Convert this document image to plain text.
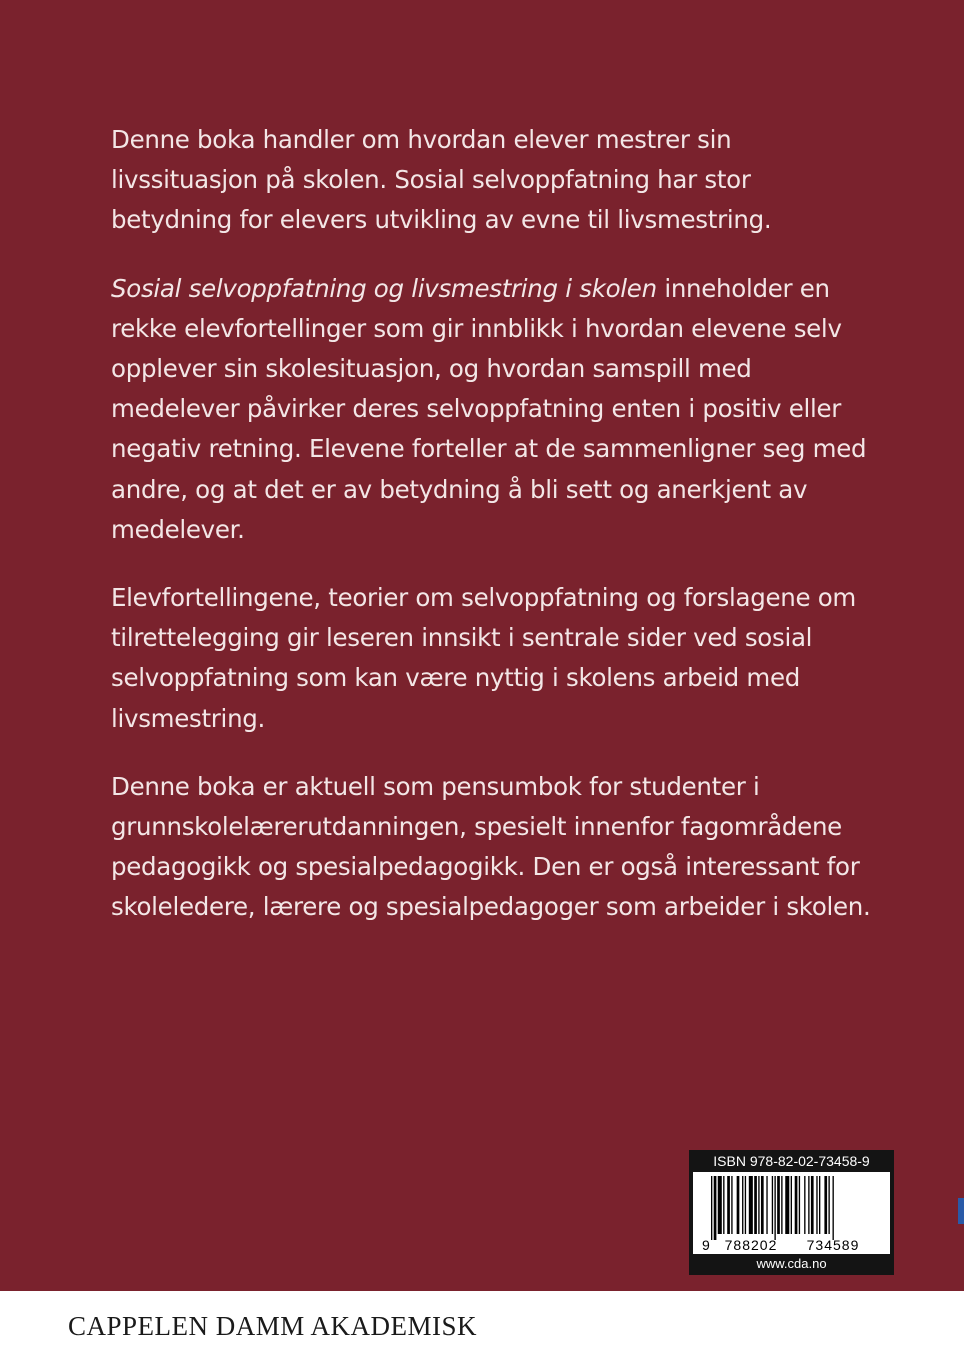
Denne boka handler om hvordan elever mestrer sin livssituasjon på skolen. Sosial selvoppfatning har stor betydning for elevers utvikling av evne til livsmestring.

Sosial selvoppfatning og livsmestring i skolen inneholder en rekke elevfortellinger som gir innblikk i hvordan elevene selv opplever sin skolesituasjon, og hvordan samspill med medelever påvirker deres selvoppfatning enten i positiv eller negativ retning. Elevene forteller at de sammenligner seg med andre, og at det er av betydning å bli sett og anerkjent av medelever.

Elevfortellingene, teorier om selvoppfatning og forslagene om tilrettelegging gir leseren innsikt i sentrale sider ved sosial selvoppfatning som kan være nyttig i skolens arbeid med livsmestring.

Denne boka er aktuell som pensumbok for studenter i grunnskolelærerutdanningen, spesielt innenfor fagområdene pedagogikk og spesialpedagogikk. Den er også interessant for skoleledere, lærere og spesialpedagoger som arbeider i skolen.

ISBN 978-82-02-73458-9
9 788202 734589
www.cda.no
CAPPELEN DAMM AKADEMISK
